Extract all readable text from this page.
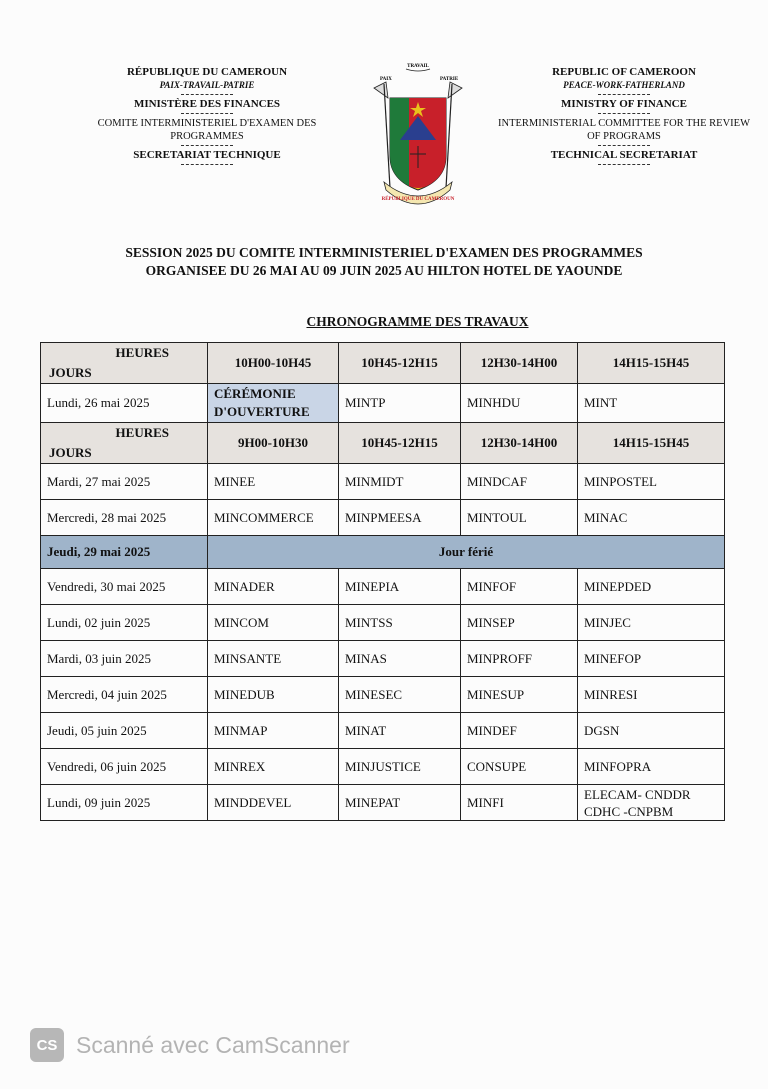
RÉPUBLIQUE DU CAMEROUN
PAIX-TRAVAIL-PATRIE
MINISTÈRE DES FINANCES
COMITE INTERMINISTERIEL D'EXAMEN DES
PROGRAMMES
SECRETARIAT TECHNIQUE
TRAVAIL
PAIX	PATRIE
RÉPUBLIQUE DU CAMEROUN
REPUBLIC OF CAMEROON
PEACE-WORK-FATHERLAND
MINISTRY OF FINANCE
INTERMINISTERIAL COMMITTEE FOR THE REVIEW
OF PROGRAMS
TECHNICAL SECRETARIAT
SESSION 2025 DU COMITE INTERMINISTERIEL D'EXAMEN DES PROGRAMMES
ORGANISEE DU 26 MAI AU 09 JUIN 2025 AU HILTON HOTEL DE YAOUNDE
CHRONOGRAMME DES TRAVAUX
HEURES
JOURS	10H00-10H45	10H45-12H15	12H30-14H00	14H15-15H45
Lundi, 26 mai 2025	CÉRÉMONIE D'OUVERTURE	MINTP	MINHDU	MINT

HEURES
JOURS	9H00-10H30	10H45-12H15	12H30-14H00	14H15-15H45
Mardi, 27 mai 2025	MINEE	MINMIDT	MINDCAF	MINPOSTEL
Mercredi, 28 mai 2025	MINCOMMERCE	MINPMEESA	MINTOUL	MINAC
Jeudi, 29 mai 2025	Jour férié			
Vendredi, 30 mai 2025	MINADER	MINEPIA	MINFOF	MINEPDED
Lundi, 02 juin 2025	MINCOM	MINTSS	MINSEP	MINJEC
Mardi, 03 juin 2025	MINSANTE	MINAS	MINPROFF	MINEFOP
Mercredi, 04 juin 2025	MINEDUB	MINESEC	MINESUP	MINRESI
Jeudi, 05 juin 2025	MINMAP	MINAT	MINDEF	DGSN
Vendredi, 06 juin 2025	MINREX	MINJUSTICE	CONSUPE	MINFOPRA
Lundi, 09 juin 2025	MINDDEVEL	MINEPAT	MINFI	ELECAM- CNDDR
CDHC -CNPBM
CS Scanné avec CamScanner
